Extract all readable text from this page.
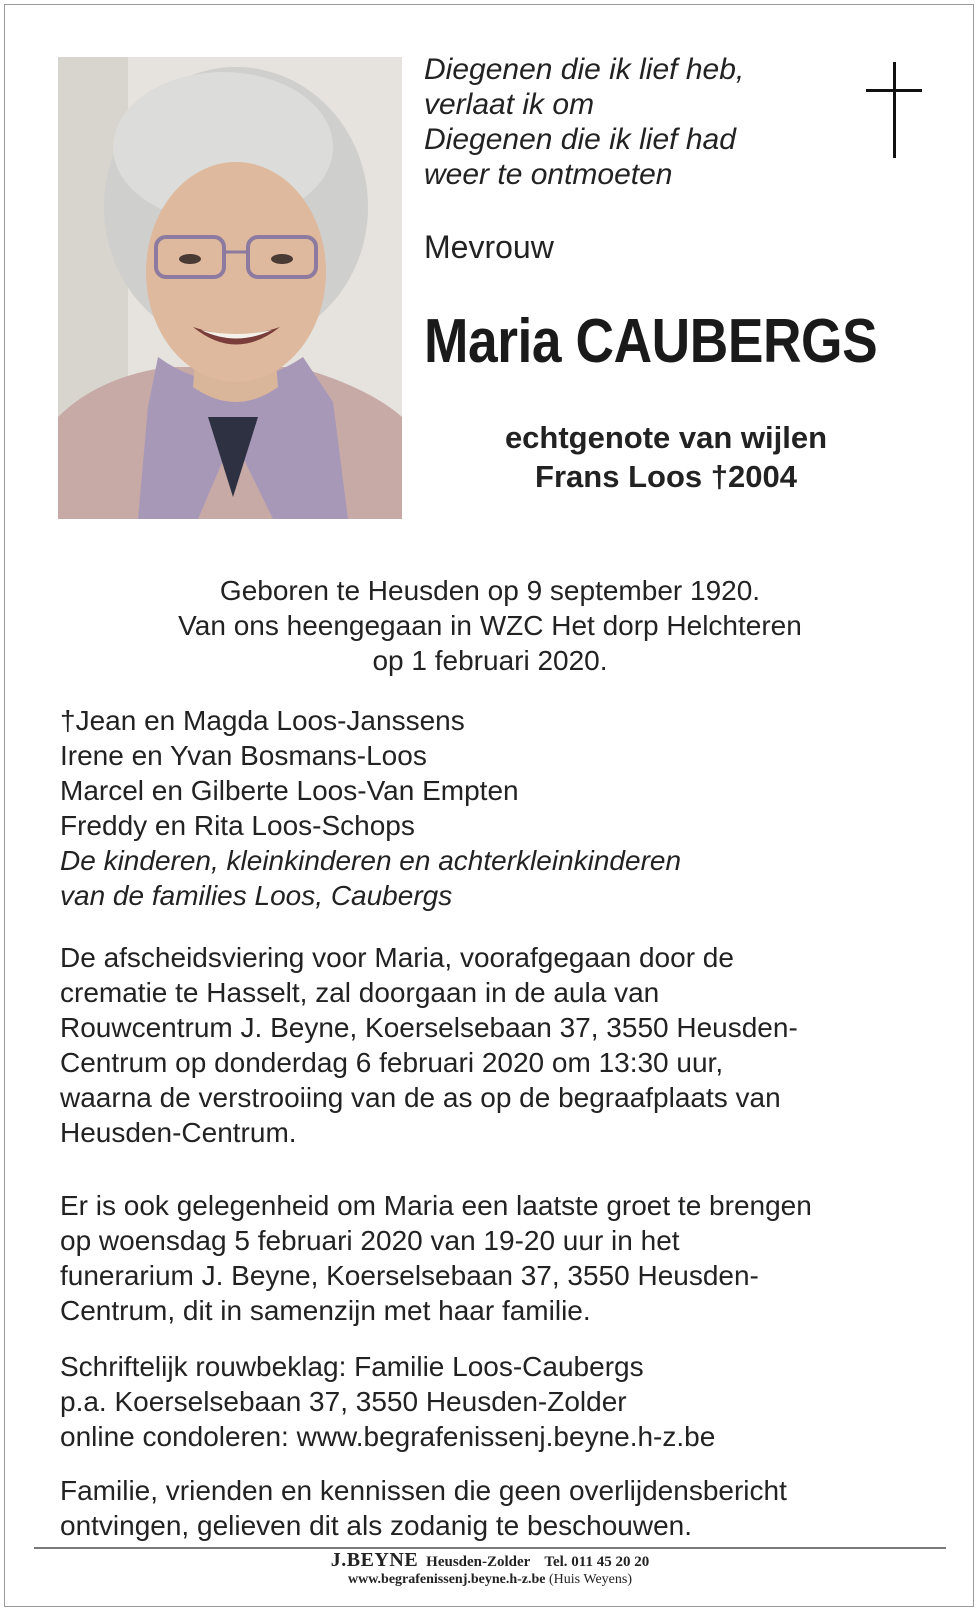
Diegenen die ik lief heb,
verlaat ik om
Diegenen die ik lief had
weer te ontmoeten
Mevrouw
Maria CAUBERGS
echtgenote van wijlen
Frans Loos †2004
Geboren te Heusden op 9 september 1920.
Van ons heengegaan in WZC Het dorp Helchteren
op 1 februari 2020.
†Jean en Magda Loos-Janssens
Irene en Yvan Bosmans-Loos
Marcel en Gilberte Loos-Van Empten
Freddy en Rita Loos-Schops
De kinderen, kleinkinderen en achterkleinkinderen
van de families Loos, Caubergs
De afscheidsviering voor Maria, voorafgegaan door de
crematie te Hasselt, zal doorgaan in de aula van
Rouwcentrum J. Beyne, Koerselsebaan 37, 3550 Heusden-
Centrum op donderdag 6 februari 2020 om 13:30 uur,
waarna de verstrooiing van de as op de begraafplaats van
Heusden-Centrum.
Er is ook gelegenheid om Maria een laatste groet te brengen
op woensdag 5 februari 2020 van 19-20 uur in het
funerarium J. Beyne, Koerselsebaan 37, 3550 Heusden-
Centrum, dit in samenzijn met haar familie.
Schriftelijk rouwbeklag: Familie Loos-Caubergs
p.a. Koerselsebaan 37, 3550 Heusden-Zolder
online condoleren: www.begrafenissenj.beyne.h-z.be
Familie, vrienden en kennissen die geen overlijdensbericht
ontvingen, gelieven dit als zodanig te beschouwen.
J.BEYNE Heusden-Zolder Tel. 011 45 20 20
www.begrafenissenj.beyne.h-z.be (Huis Weyens)
